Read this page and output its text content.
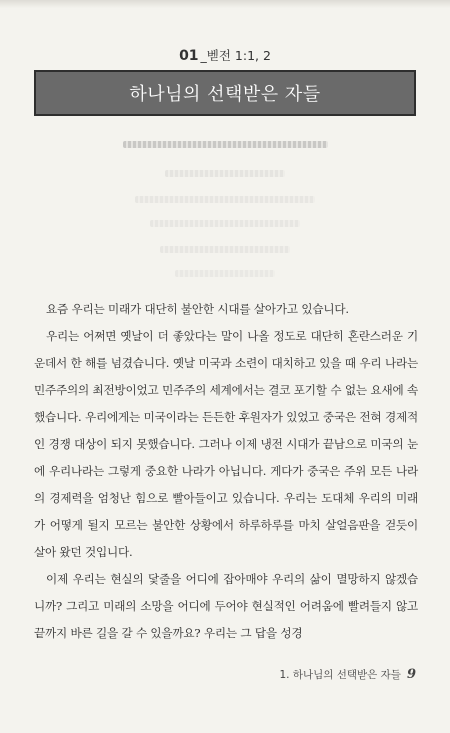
01 _벧전 1:1, 2
하나님의 선택받은 자들

요즘 우리는 미래가 대단히 불안한 시대를 살아가고 있습니다.

우리는 어쩌면 옛날이 더 좋았다는 말이 나올 정도로 대단히 혼란스러운 기운데서 한 해를 넘겼습니다. 옛날 미국과 소련이 대치하고 있을 때 우리 나라는 민주주의의 최전방이었고 민주주의 세계에서는 결코 포기할 수 없는 요새에 속했습니다. 우리에게는 미국이라는 든든한 후원자가 있었고 중국은 전혀 경제적인 경쟁 대상이 되지 못했습니다. 그러나 이제 냉전 시대가 끝남으로 미국의 눈에 우리나라는 그렇게 중요한 나라가 아닙니다. 게다가 중국은 주위 모든 나라의 경제력을 엄청난 힘으로 빨아들이고 있습니다. 우리는 도대체 우리의 미래가 어떻게 될지 모르는 불안한 상황에서 하루하루를 마치 살얼음판을 걷듯이 살아 왔던 것입니다.

이제 우리는 현실의 닻줄을 어디에 잡아매야 우리의 삶이 멸망하지 않겠습니까? 그리고 미래의 소망을 어디에 두어야 현실적인 어려움에 빨려들지 않고 끝까지 바른 길을 갈 수 있을까요? 우리는 그 답을 성경

1. 하나님의 선택받은 자들 9
